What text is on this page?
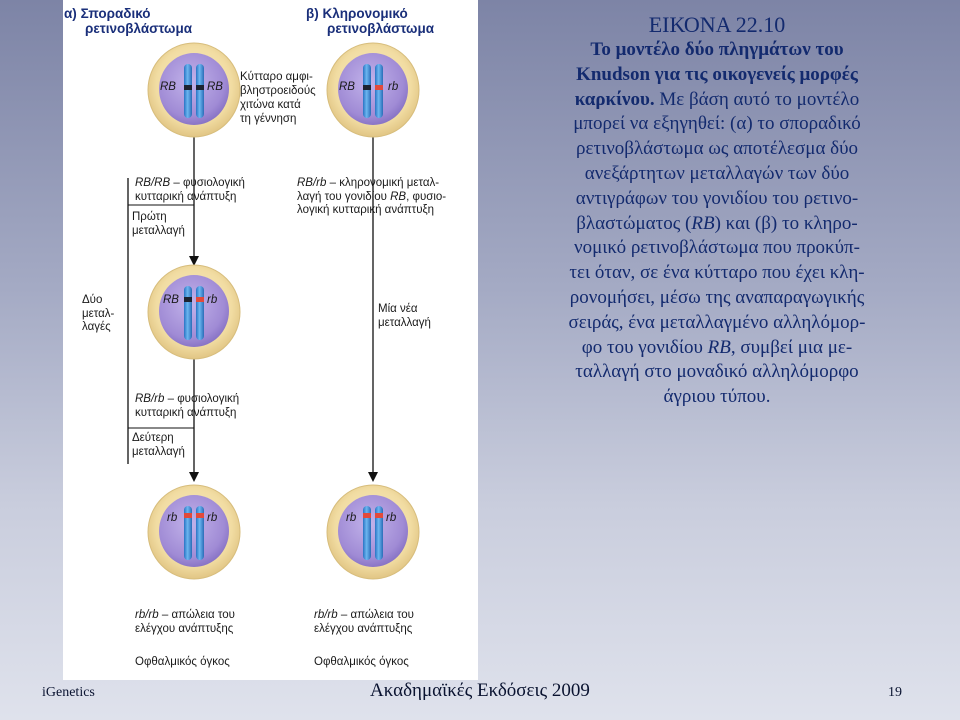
α) Σποραδικό
ρετινοβλάστωμα
β) Κληρονομικό
ρετινοβλάστωμα
RB	RB	RB	rb
RB rb
rb	rb	rb	rb
Κύτταρο αμφι-
βληστροειδούς
χιτώνα κατά
τη γέννηση
RB/RB – φυσιολογική
κυτταρική ανάπτυξη
Πρώτη
μεταλλαγή
Δύο
μεταλ-
λαγές
RB/rb – φυσιολογική
κυτταρική ανάπτυξη
Δεύτερη
μεταλλαγή
RB/rb – κληρονομική μεταλ-
λαγή του γονιδίου RB, φυσιο-
λογική κυτταρική ανάπτυξη
Μία νέα
μεταλλαγή
rb/rb – απώλεια του
ελέγχου ανάπτυξης
Οφθαλμικός όγκος
rb/rb – απώλεια του
ελέγχου ανάπτυξης
Οφθαλμικός όγκος
ΕΙΚΟΝΑ 22.10
Το μοντέλο δύο πληγμάτων του
Knudson για τις οικογενείς μορφές
καρκίνου. Με βάση αυτό το μοντέλο
μπορεί να εξηγηθεί: (α) το σποραδικό
ρετινοβλάστωμα ως αποτέλεσμα δύο
ανεξάρτητων μεταλλαγών των δύο
αντιγράφων του γονιδίου του ρετινο-
βλαστώματος (RB) και (β) το κληρο-
νομικό ρετινοβλάστωμα που προκύπ-
τει όταν, σε ένα κύτταρο που έχει κλη-
ρονομήσει, μέσω της αναπαραγωγικής
σειράς, ένα μεταλλαγμένο αλληλόμορ-
φο του γονιδίου RB, συμβεί μια με-
ταλλαγή στο μοναδικό αλληλόμορφο
άγριου τύπου.
iGenetics	Ακαδημαϊκές Εκδόσεις 2009	19
